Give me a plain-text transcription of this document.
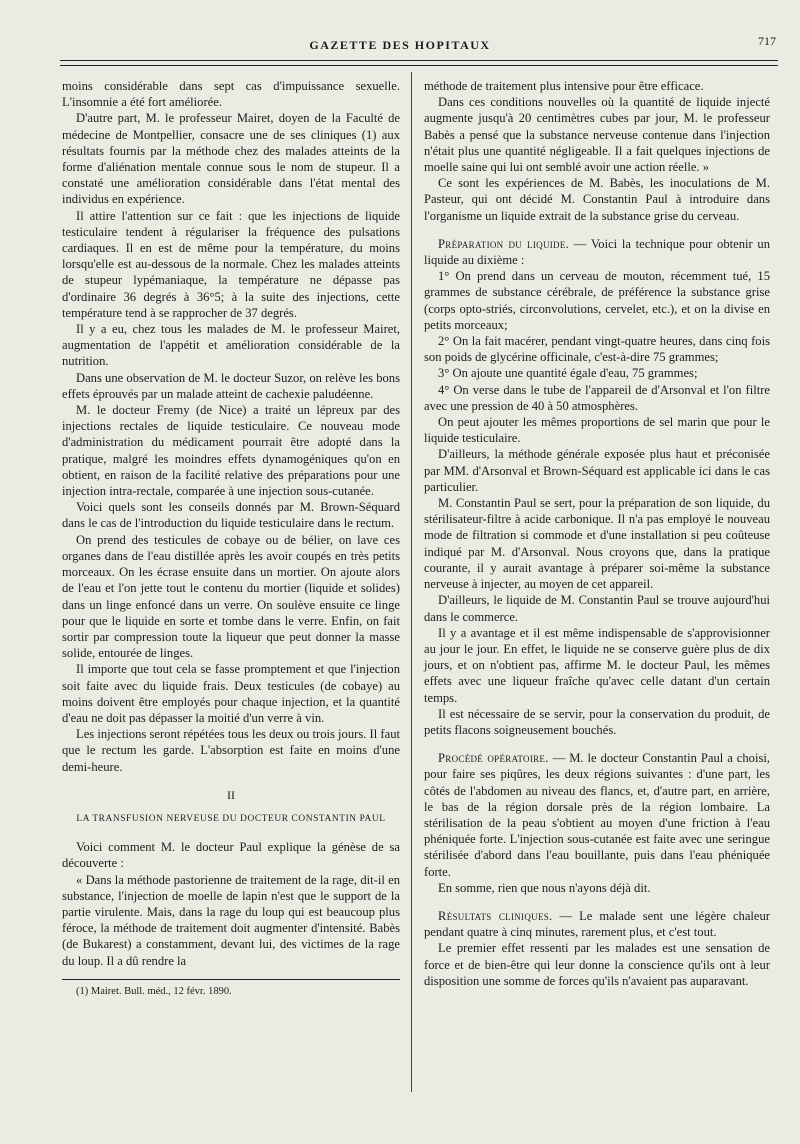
GAZETTE DES HOPITAUX	717

moins considérable dans sept cas d'impuissance sexuelle. L'insomnie a été fort améliorée.

D'autre part, M. le professeur Mairet, doyen de la Faculté de médecine de Montpellier, consacre une de ses cliniques (1) aux résultats fournis par la méthode chez des malades atteints de la forme d'aliénation mentale connue sous le nom de stupeur. Il a constaté une amélioration considérable dans l'état mental des individus en expérience.

Il attire l'attention sur ce fait : que les injections de liquide testiculaire tendent à régulariser la fréquence des pulsations cardiaques. Il en est de même pour la température, du moins lorsqu'elle est au-dessous de la normale. Chez les malades atteints de stupeur lypémaniaque, la température ne dépasse pas d'ordinaire 36 degrés à 36°5; à la suite des injections, cette température tend à se rapprocher de 37 degrés.

Il y a eu, chez tous les malades de M. le professeur Mairet, augmentation de l'appétit et amélioration considérable de la nutrition.

Dans une observation de M. le docteur Suzor, on relève les bons effets éprouvés par un malade atteint de cachexie paludéenne.

M. le docteur Fremy (de Nice) a traité un lépreux par des injections rectales de liquide testiculaire. Ce nouveau mode d'administration du médicament pourrait être adopté dans la pratique, malgré les moindres effets dynamogéniques qu'on en obtient, en raison de la facilité relative des préparations pour une injection intra-rectale, comparée à une injection sous-cutanée.

Voici quels sont les conseils donnés par M. Brown-Séquard dans le cas de l'introduction du liquide testiculaire dans le rectum.

On prend des testicules de cobaye ou de bélier, on lave ces organes dans de l'eau distillée après les avoir coupés en très petits morceaux. On les écrase ensuite dans un mortier. On ajoute alors de l'eau et l'on jette tout le contenu du mortier (liquide et solides) dans un linge enfoncé dans un verre. On soulève ensuite ce linge pour que le liquide en sorte et tombe dans le verre. Enfin, on fait sortir par compression toute la liqueur que peut donner la masse solide, entourée de linges.

Il importe que tout cela se fasse promptement et que l'injection soit faite avec du liquide frais. Deux testicules (de cobaye) au moins doivent être employés pour chaque injection, et la quantité d'eau ne doit pas dépasser la moitié d'un verre à vin.

Les injections seront répétées tous les deux ou trois jours. Il faut que le rectum les garde. L'absorption est faite en moins d'une demi-heure.

II

LA TRANSFUSION NERVEUSE DU DOCTEUR CONSTANTIN PAUL

Voici comment M. le docteur Paul explique la génèse de sa découverte :

« Dans la méthode pastorienne de traitement de la rage, dit-il en substance, l'injection de moelle de lapin n'est que le support de la partie virulente. Mais, dans la rage du loup qui est beaucoup plus féroce, la méthode de traitement doit augmenter d'intensité. Babès (de Bukarest) a constamment, devant lui, des victimes de la rage du loup. Il a dû rendre la

(1) Mairet. Bull. méd., 12 févr. 1890.

méthode de traitement plus intensive pour être efficace.

Dans ces conditions nouvelles où la quantité de liquide injecté augmente jusqu'à 20 centimètres cubes par jour, M. le professeur Babès a pensé que la substance nerveuse contenue dans l'injection n'était plus une quantité négligeable. Il a fait quelques injections de moelle saine qui lui ont semblé avoir une action réelle. »

Ce sont les expériences de M. Babès, les inoculations de M. Pasteur, qui ont décidé M. Constantin Paul à introduire dans l'organisme un liquide extrait de la substance grise du cerveau.

Préparation du liquide. — Voici la technique pour obtenir un liquide au dixième :

1° On prend dans un cerveau de mouton, récemment tué, 15 grammes de substance cérébrale, de préférence la substance grise (corps opto-striés, circonvolutions, cervelet, etc.), et on la divise en petits morceaux;

2° On la fait macérer, pendant vingt-quatre heures, dans cinq fois son poids de glycérine officinale, c'est-à-dire 75 grammes;

3° On ajoute une quantité égale d'eau, 75 grammes;

4° On verse dans le tube de l'appareil de d'Arsonval et l'on filtre avec une pression de 40 à 50 atmosphères.

On peut ajouter les mêmes proportions de sel marin que pour le liquide testiculaire.

D'ailleurs, la méthode générale exposée plus haut et préconisée par MM. d'Arsonval et Brown-Séquard est applicable ici dans le cas particulier.

M. Constantin Paul se sert, pour la préparation de son liquide, du stérilisateur-filtre à acide carbonique. Il n'a pas employé le nouveau mode de filtration si commode et d'une installation si peu coûteuse indiqué par M. d'Arsonval. Nous croyons que, dans la pratique courante, il y aurait avantage à préparer soi-même la substance nerveuse à injecter, au moyen de cet appareil.

D'ailleurs, le liquide de M. Constantin Paul se trouve aujourd'hui dans le commerce.

Il y a avantage et il est même indispensable de s'approvisionner au jour le jour. En effet, le liquide ne se conserve guère plus de dix jours, et on n'obtient pas, affirme M. le docteur Paul, les mêmes effets avec une liqueur fraîche qu'avec celle datant d'un certain temps.

Il est nécessaire de se servir, pour la conservation du produit, de petits flacons soigneusement bouchés.

Procédé opératoire. — M. le docteur Constantin Paul a choisi, pour faire ses piqûres, les deux régions suivantes : d'une part, les côtés de l'abdomen au niveau des flancs, et, d'autre part, en arrière, le bas de la région dorsale près de la région lombaire. La stérilisation de la peau s'obtient au moyen d'une friction à l'eau phéniquée forte. L'injection sous-cutanée est faite avec une seringue stérilisée d'abord dans l'eau bouillante, puis dans l'eau phéniquée forte.

En somme, rien que nous n'ayons déjà dit.

Résultats cliniques. — Le malade sent une légère chaleur pendant quatre à cinq minutes, rarement plus, et c'est tout.

Le premier effet ressenti par les malades est une sensation de force et de bien-être qui leur donne la conscience qu'ils ont à leur disposition une somme de forces qu'ils n'avaient pas auparavant.
